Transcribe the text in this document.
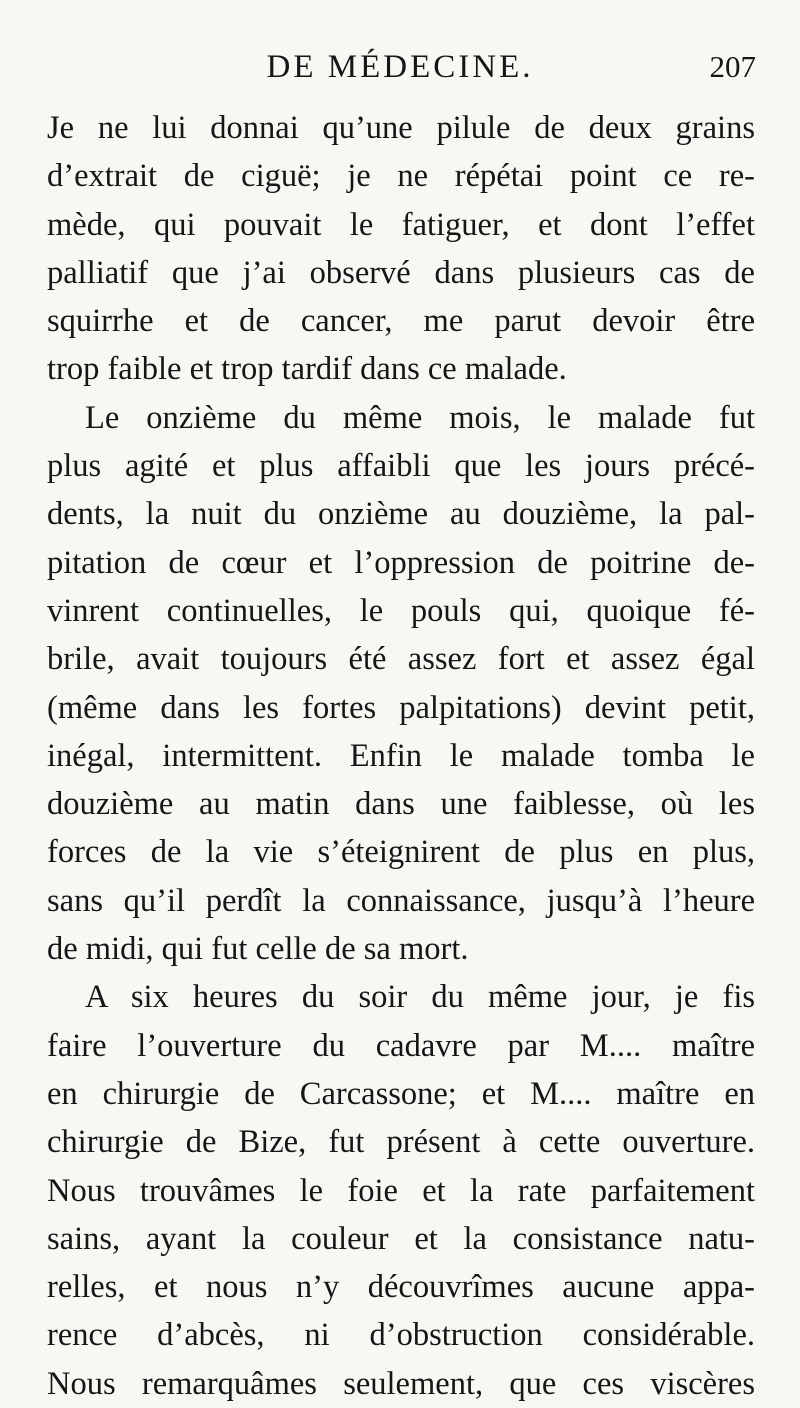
DE MÉDECINE.	207
Je ne lui donnai qu’une pilule de deux grains
d’extrait de ciguë; je ne répétai point ce re-
mède, qui pouvait le fatiguer, et dont l’effet
palliatif que j’ai observé dans plusieurs cas de
squirrhe et de cancer, me parut devoir être
trop faible et trop tardif dans ce malade.
Le onzième du même mois, le malade fut
plus agité et plus affaibli que les jours précé-
dents, la nuit du onzième au douzième, la pal-
pitation de cœur et l’oppression de poitrine de-
vinrent continuelles, le pouls qui, quoique fé-
brile, avait toujours été assez fort et assez égal
(même dans les fortes palpitations) devint petit,
inégal, intermittent. Enfin le malade tomba le
douzième au matin dans une faiblesse, où les
forces de la vie s’éteignirent de plus en plus,
sans qu’il perdît la connaissance, jusqu’à l’heure
de midi, qui fut celle de sa mort.
A six heures du soir du même jour, je fis
faire l’ouverture du cadavre par M.... maître
en chirurgie de Carcassone; et M.... maître en
chirurgie de Bize, fut présent à cette ouverture.
Nous trouvâmes le foie et la rate parfaitement
sains, ayant la couleur et la consistance natu-
relles, et nous n’y découvrîmes aucune appa-
rence d’abcès, ni d’obstruction considérable.
Nous remarquâmes seulement, que ces viscères
